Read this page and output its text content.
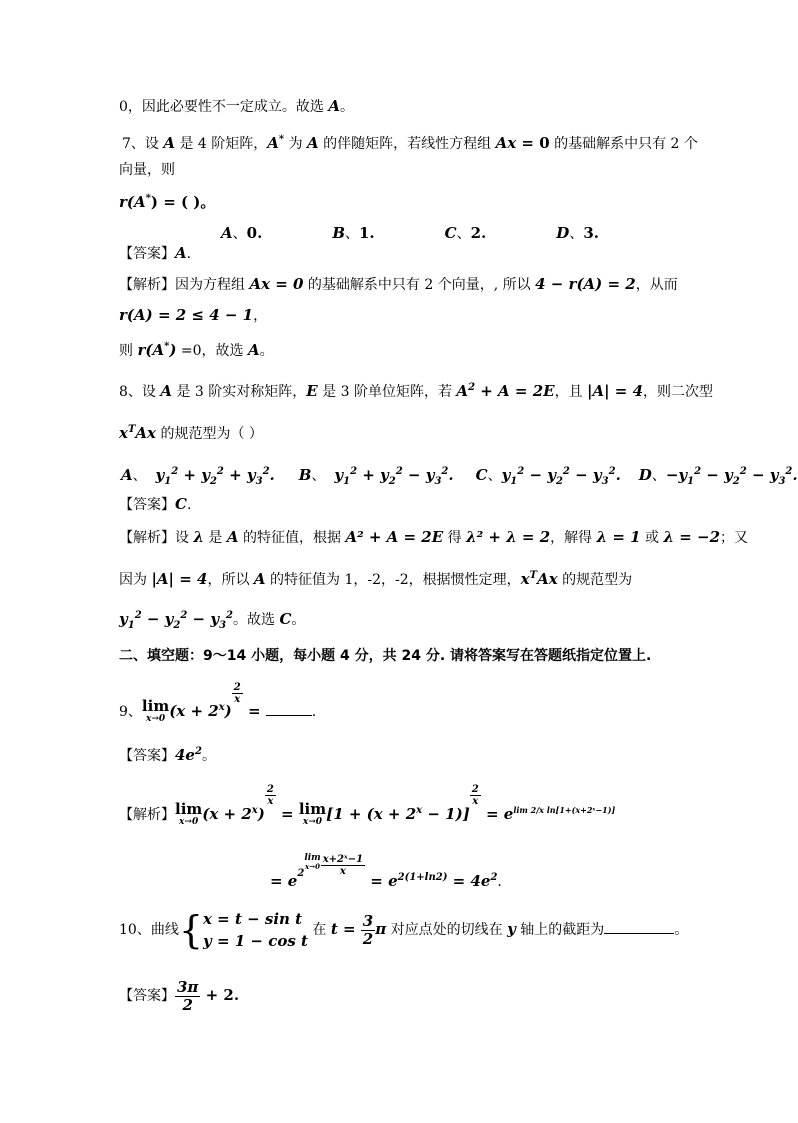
0，因此必要性不一定成立。故选 A。
7、设 A 是 4 阶矩阵，A* 为 A 的伴随矩阵，若线性方程组 Ax = 0 的基础解系中只有 2 个
向量，则
r(A*) = ( )。
A、0.	B、1.	C、2.	D、3.
【答案】A.
【解析】因为方程组 Ax = 0 的基础解系中只有 2 个向量，, 所以 4 − r(A) = 2，从而
r(A) = 2 ≤ 4 − 1，
则 r(A*) =0，故选 A。
8、设 A 是 3 阶实对称矩阵，E 是 3 阶单位矩阵，若 $A^2 + A = 2E$，且 |A| = 4，则二次型
$x^TAx$ 的规范型为（ ）
A、 $y_1^2 + y_2^2 + y_3^2$. B、 $y_1^2 + y_2^2 - y_3^2$. C、$y_1^2 - y_2^2 - y_3^2$. D、$-y_1^2 - y_2^2 - y_3^2$.
【答案】C.
【解析】设 λ 是 A 的特征值，根据 A² + A = 2E 得 λ² + λ = 2，解得 λ = 1 或 λ = −2；又
因为 |A| = 4，所以 A 的特征值为 1，-2，-2，根据惯性定理，$x^TAx$ 的规范型为
$y_1^2 - y_2^2 - y_3^2$。故选 C。
二、填空题：9～14 小题，每小题 4 分，共 24 分. 请将答案写在答题纸指定位置上.
9、 lim
x→0 $(x + 2^x)$
$\frac{2}{x}$
=	.
【答案】$4e^2$。
【解析】 lim
x→0 $(x + 2^x)$
$\frac{2}{x}$
= lim
x→0 $[1 + (x + 2^x - 1)]$
$\frac{2}{x}$
= $e^{lim 2/x ln[1+(x+2ˣ-1)]}$
= e2
lim
$x\to 0 \frac{\text{x+2ˣ−1}}{x}$
= $e^{2(1+ln2)} = 4e^2$.
10、曲线{ x = t − sin t
y = 1 − cos t
在 $t = \frac{3}{2}$ π 对应点处的切线在 y 轴上的截距为	。
【答案】 $\frac{3\pi}{2} + 2$.
